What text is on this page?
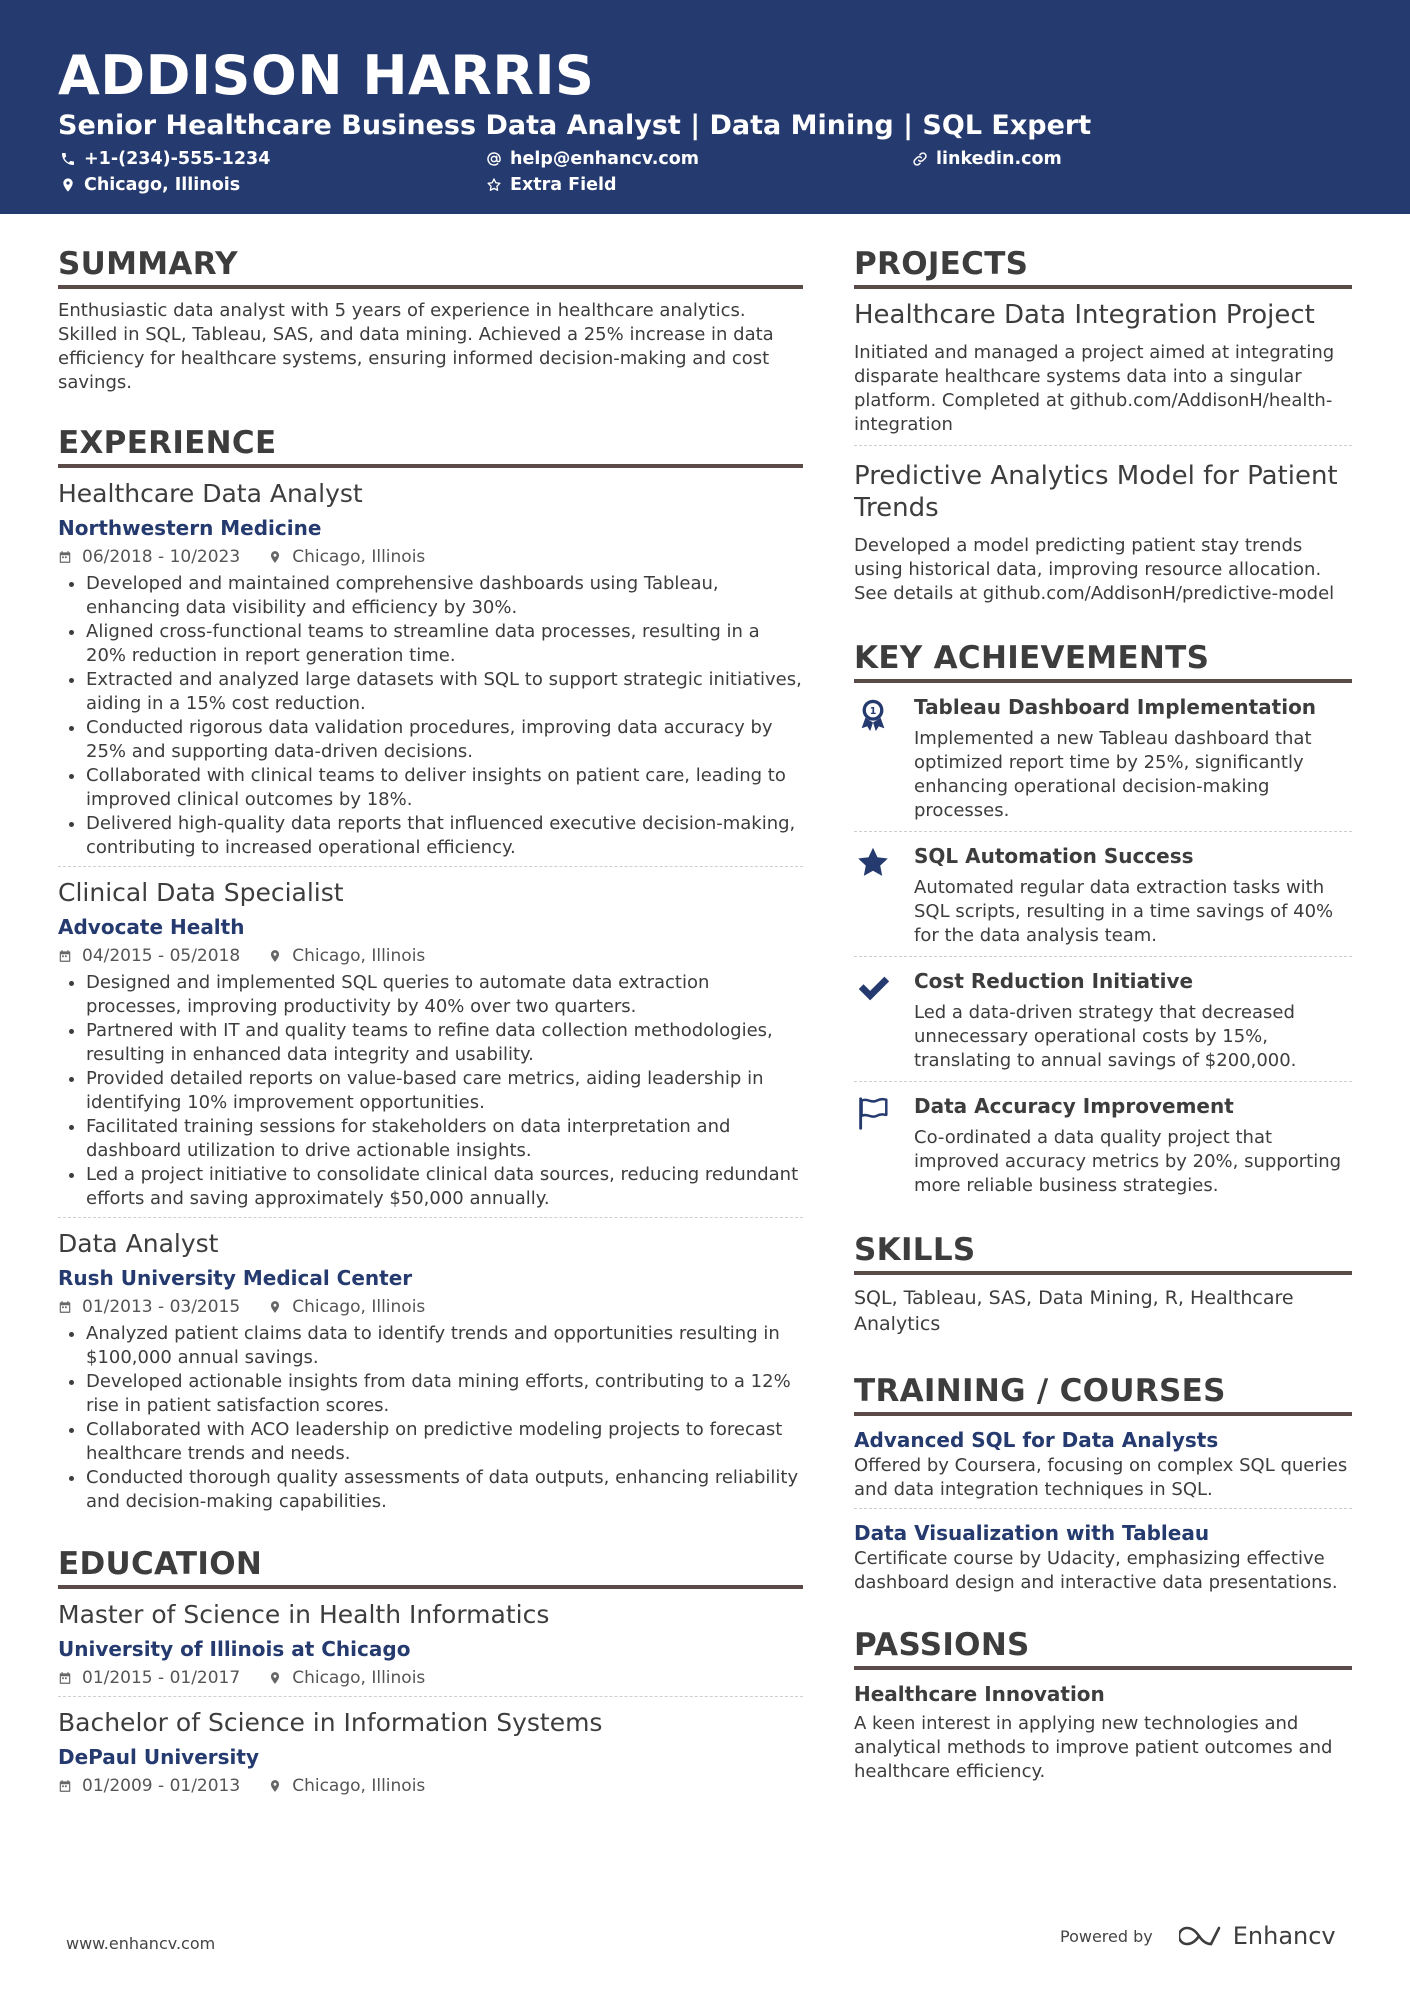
ADDISON HARRIS
Senior Healthcare Business Data Analyst | Data Mining | SQL Expert
+1-(234)-555-1234	help@enhancv.com	linkedin.com
Chicago, Illinois	Extra Field
SUMMARY
Enthusiastic data analyst with 5 years of experience in healthcare analytics. Skilled in SQL, Tableau, SAS, and data mining. Achieved a 25% increase in data efficiency for healthcare systems, ensuring informed decision-making and cost savings.
EXPERIENCE
Healthcare Data Analyst
Northwestern Medicine
06/2018 - 10/2023	Chicago, Illinois
• Developed and maintained comprehensive dashboards using Tableau, enhancing data visibility and efficiency by 30%.
• Aligned cross-functional teams to streamline data processes, resulting in a 20% reduction in report generation time.
• Extracted and analyzed large datasets with SQL to support strategic initiatives, aiding in a 15% cost reduction.
• Conducted rigorous data validation procedures, improving data accuracy by 25% and supporting data-driven decisions.
• Collaborated with clinical teams to deliver insights on patient care, leading to improved clinical outcomes by 18%.
• Delivered high-quality data reports that influenced executive decision-making, contributing to increased operational efficiency.
Clinical Data Specialist
Advocate Health
04/2015 - 05/2018	Chicago, Illinois
• Designed and implemented SQL queries to automate data extraction processes, improving productivity by 40% over two quarters.
• Partnered with IT and quality teams to refine data collection methodologies, resulting in enhanced data integrity and usability.
• Provided detailed reports on value-based care metrics, aiding leadership in identifying 10% improvement opportunities.
• Facilitated training sessions for stakeholders on data interpretation and dashboard utilization to drive actionable insights.
• Led a project initiative to consolidate clinical data sources, reducing redundant efforts and saving approximately $50,000 annually.
Data Analyst
Rush University Medical Center
01/2013 - 03/2015	Chicago, Illinois
• Analyzed patient claims data to identify trends and opportunities resulting in $100,000 annual savings.
• Developed actionable insights from data mining efforts, contributing to a 12% rise in patient satisfaction scores.
• Collaborated with ACO leadership on predictive modeling projects to forecast healthcare trends and needs.
• Conducted thorough quality assessments of data outputs, enhancing reliability and decision-making capabilities.
EDUCATION
Master of Science in Health Informatics
University of Illinois at Chicago
01/2015 - 01/2017	Chicago, Illinois
Bachelor of Science in Information Systems
DePaul University
01/2009 - 01/2013	Chicago, Illinois
PROJECTS
Healthcare Data Integration Project
Initiated and managed a project aimed at integrating disparate healthcare systems data into a singular platform. Completed at github.com/AddisonH/health-integration
Predictive Analytics Model for Patient Trends
Developed a model predicting patient stay trends using historical data, improving resource allocation. See details at github.com/AddisonH/predictive-model
KEY ACHIEVEMENTS
1 Tableau Dashboard Implementation
Implemented a new Tableau dashboard that optimized report time by 25%, significantly enhancing operational decision-making processes.
SQL Automation Success
Automated regular data extraction tasks with SQL scripts, resulting in a time savings of 40% for the data analysis team.
Cost Reduction Initiative
Led a data-driven strategy that decreased unnecessary operational costs by 15%, translating to annual savings of $200,000.
Data Accuracy Improvement
Co-ordinated a data quality project that improved accuracy metrics by 20%, supporting more reliable business strategies.
SKILLS
SQL, Tableau, SAS, Data Mining, R, Healthcare Analytics
TRAINING / COURSES
Advanced SQL for Data Analysts
Offered by Coursera, focusing on complex SQL queries and data integration techniques in SQL.
Data Visualization with Tableau
Certificate course by Udacity, emphasizing effective dashboard design and interactive data presentations.
PASSIONS
Healthcare Innovation
A keen interest in applying new technologies and analytical methods to improve patient outcomes and healthcare efficiency.
www.enhancv.com	Powered by	Enhancv
